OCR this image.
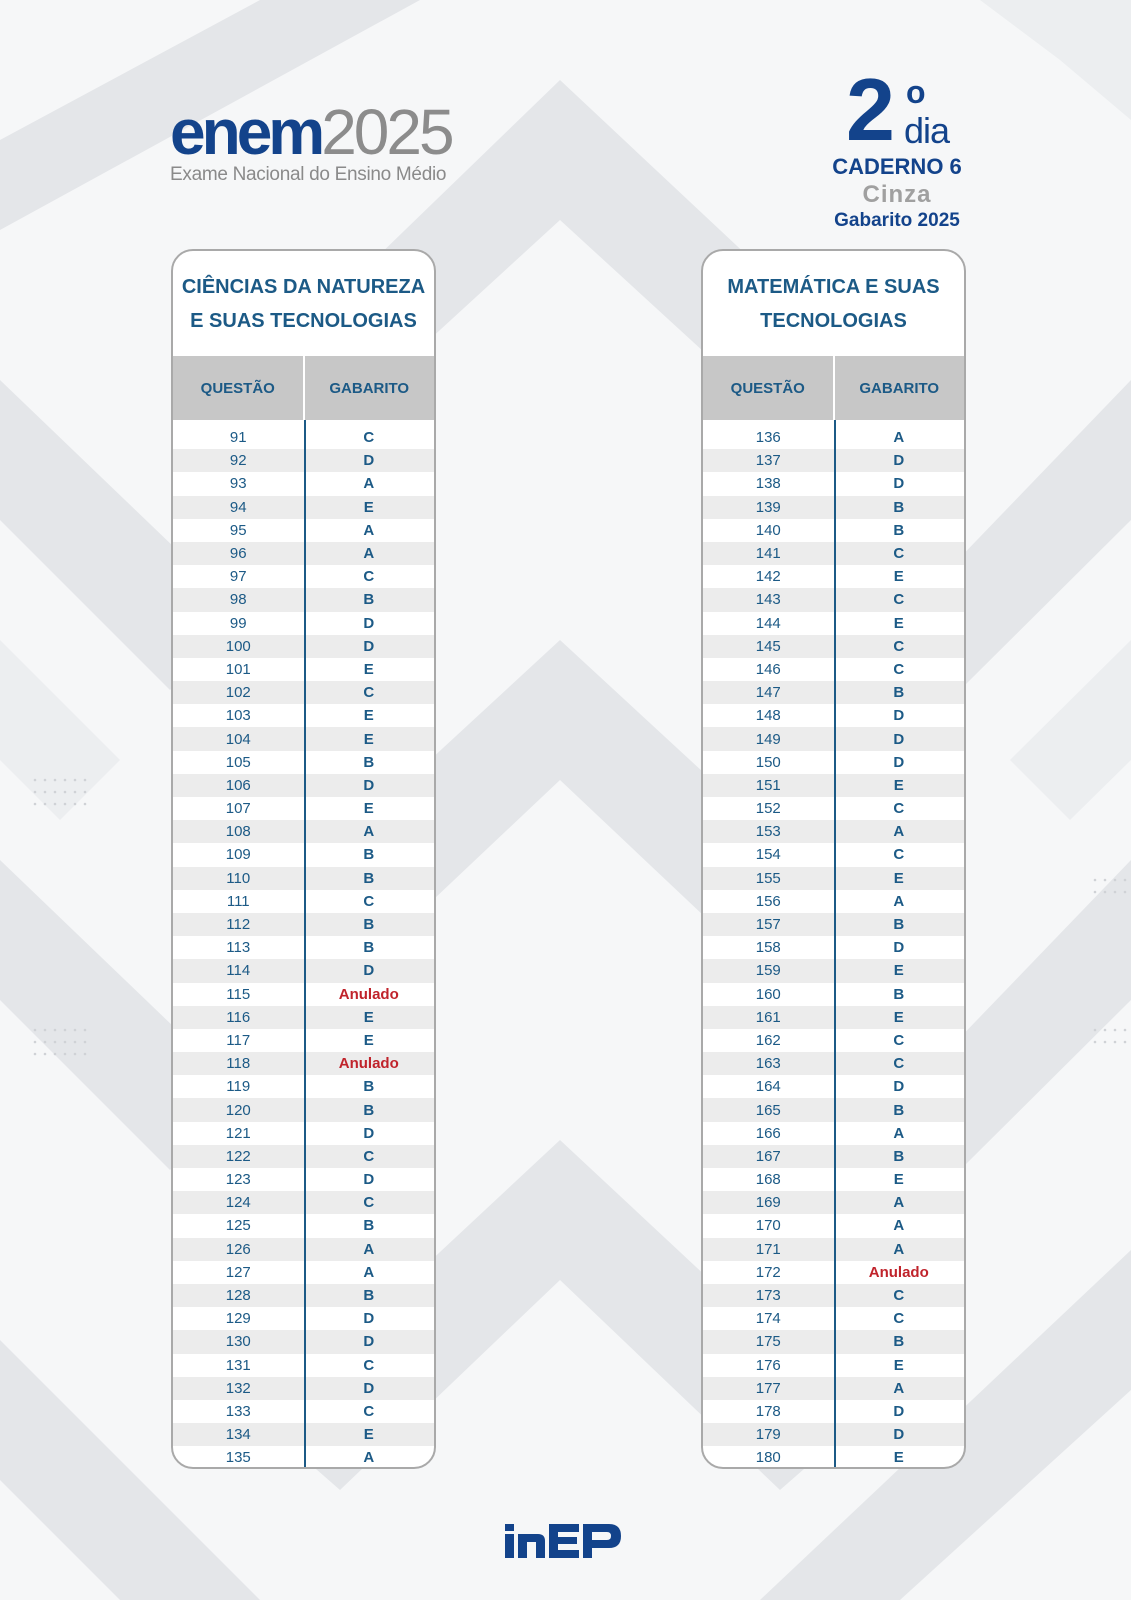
enem2025
Exame Nacional do Ensino Médio
2 o
dia
CADERNO 6
Cinza
Gabarito 2025
CIÊNCIAS DA NATUREZA
E SUAS TECNOLOGIAS
QUESTÃO	GABARITO
91	C
92	D
93	A
94	E
95	A
96	A
97	C
98	B
99	D
100	D
101	E
102	C
103	E
104	E
105	B
106	D
107	E
108	A
109	B
110	B
111	C
112	B
113	B
114	D
115	Anulado
116	E
117	E
118	Anulado
119	B
120	B
121	D
122	C
123	D
124	C
125	B
126	A
127	A
128	B
129	D
130	D
131	C
132	D
133	C
134	E
135	A
MATEMÁTICA E SUAS
TECNOLOGIAS
QUESTÃO	GABARITO
136	A
137	D
138	D
139	B
140	B
141	C
142	E
143	C
144	E
145	C
146	C
147	B
148	D
149	D
150	D
151	E
152	C
153	A
154	C
155	E
156	A
157	B
158	D
159	E
160	B
161	E
162	C
163	C
164	D
165	B
166	A
167	B
168	E
169	A
170	A
171	A
172	Anulado
173	C
174	C
175	B
176	E
177	A
178	D
179	D
180	E
